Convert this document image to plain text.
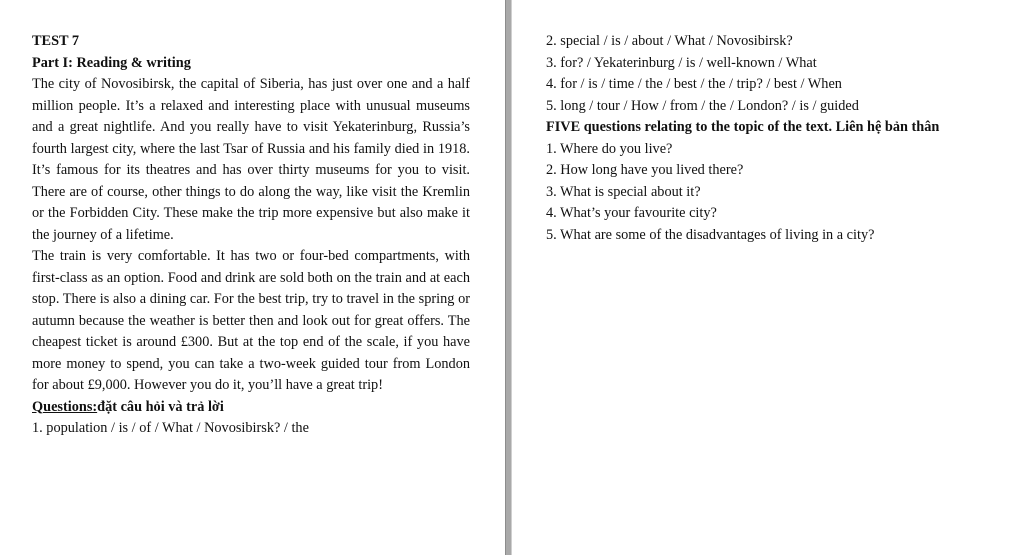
TEST 7

Part I: Reading & writing

The city of Novosibirsk, the capital of Siberia, has just over one and a half million people. It’s a relaxed and interesting place with unusual museums and a great nightlife. And you really have to visit Yekaterinburg, Russia’s fourth largest city, where the last Tsar of Russia and his family died in 1918. It’s famous for its theatres and has over thirty museums for you to visit. There are of course, other things to do along the way, like visit the Kremlin or the Forbidden City. These make the trip more expensive but also make it the journey of a lifetime.

The train is very comfortable. It has two or four-bed compartments, with first-class as an option. Food and drink are sold both on the train and at each stop. There is also a dining car. For the best trip, try to travel in the spring or autumn because the weather is better then and look out for great offers. The cheapest ticket is around £300. But at the top end of the scale, if you have more money to spend, you can take a two-week guided tour from London for about £9,000. However you do it, you’ll have a great trip!

Questions:đặt câu hỏi và trả lời

1. population / is / of / What / Novosibirsk? / the

2. special / is / about / What / Novosibirsk?

3. for? / Yekaterinburg / is / well-known / What

4. for / is / time / the / best / the / trip? / best / When

5. long / tour / How / from / the / London? / is / guided

FIVE questions relating to the topic of the text. Liên hệ bản thân

1. Where do you live?

2. How long have you lived there?

3. What is special about it?

4. What’s your favourite city?

5. What are some of the disadvantages of living in a city?
